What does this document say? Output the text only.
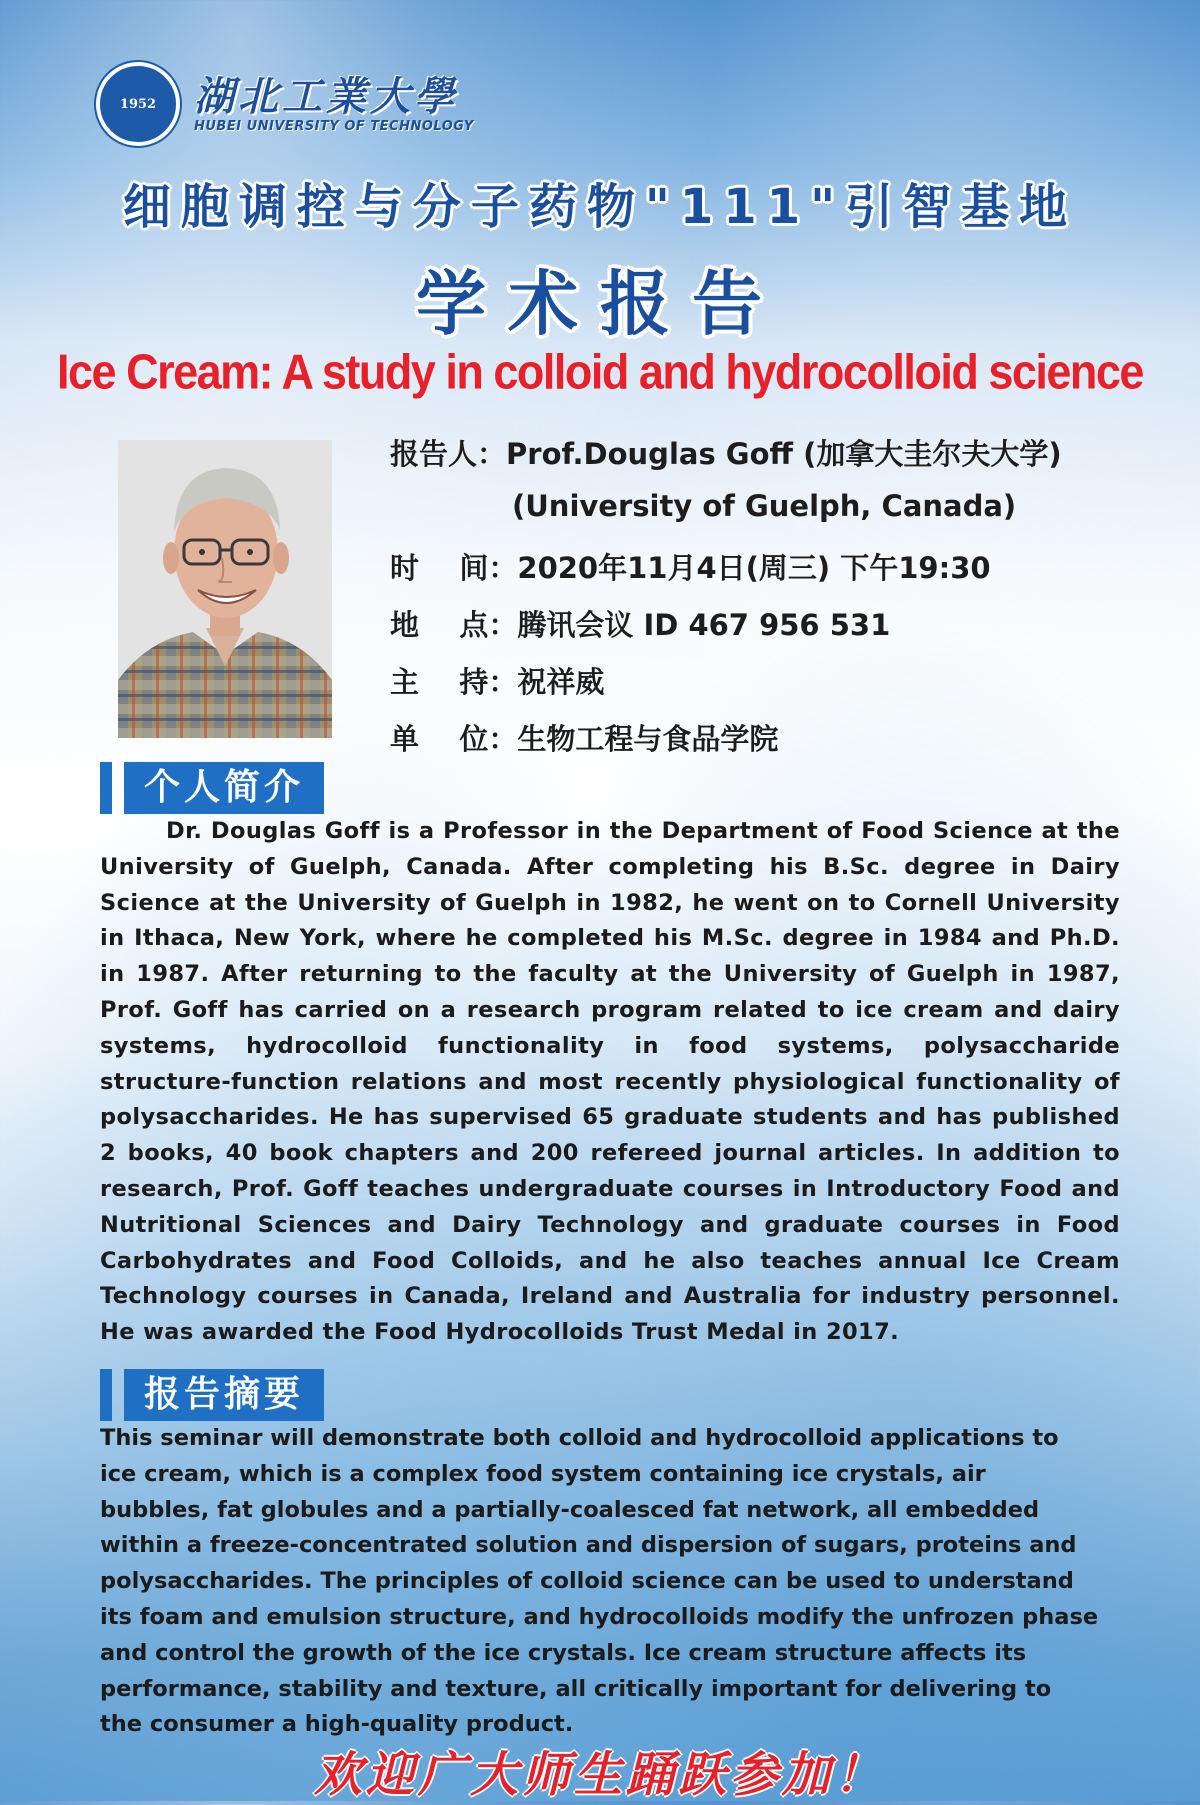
1952 湖北工業大學
HUBEI UNIVERSITY OF TECHNOLOGY
细胞调控与分子药物"111"引智基地
学术报告
Ice Cream: A study in colloid and hydrocolloid science
报告人：Prof.Douglas Goff (加拿大圭尔夫大学)
(University of Guelph, Canada)
时    间：2020年11月4日(周三) 下午19:30
地    点：腾讯会议 ID 467 956 531
主    持：祝祥威
单    位：生物工程与食品学院
个人简介
Dr. Douglas Goff is a Professor in the Department of Food Science at the University of Guelph, Canada. After completing his B.Sc. degree in Dairy Science at the University of Guelph in 1982, he went on to Cornell University in Ithaca, New York, where he completed his M.Sc. degree in 1984 and Ph.D. in 1987. After returning to the faculty at the University of Guelph in 1987, Prof. Goff has carried on a research program related to ice cream and dairy systems, hydrocolloid functionality in food systems, polysaccharide structure-function relations and most recently physiological functionality of polysaccharides. He has supervised 65 graduate students and has published 2 books, 40 book chapters and 200 refereed journal articles. In addition to research, Prof. Goff teaches undergraduate courses in Introductory Food and Nutritional Sciences and Dairy Technology and graduate courses in Food Carbohydrates and Food Colloids, and he also teaches annual Ice Cream Technology courses in Canada, Ireland and Australia for industry personnel. He was awarded the Food Hydrocolloids Trust Medal in 2017.
报告摘要
This seminar will demonstrate both colloid and hydrocolloid applications to ice cream, which is a complex food system containing ice crystals, air bubbles, fat globules and a partially-coalesced fat network, all embedded within a freeze-concentrated solution and dispersion of sugars, proteins and polysaccharides. The principles of colloid science can be used to understand its foam and emulsion structure, and hydrocolloids modify the unfrozen phase and control the growth of the ice crystals. Ice cream structure affects its performance, stability and texture, all critically important for delivering to the consumer a high-quality product.
欢迎广大师生踊跃参加！
